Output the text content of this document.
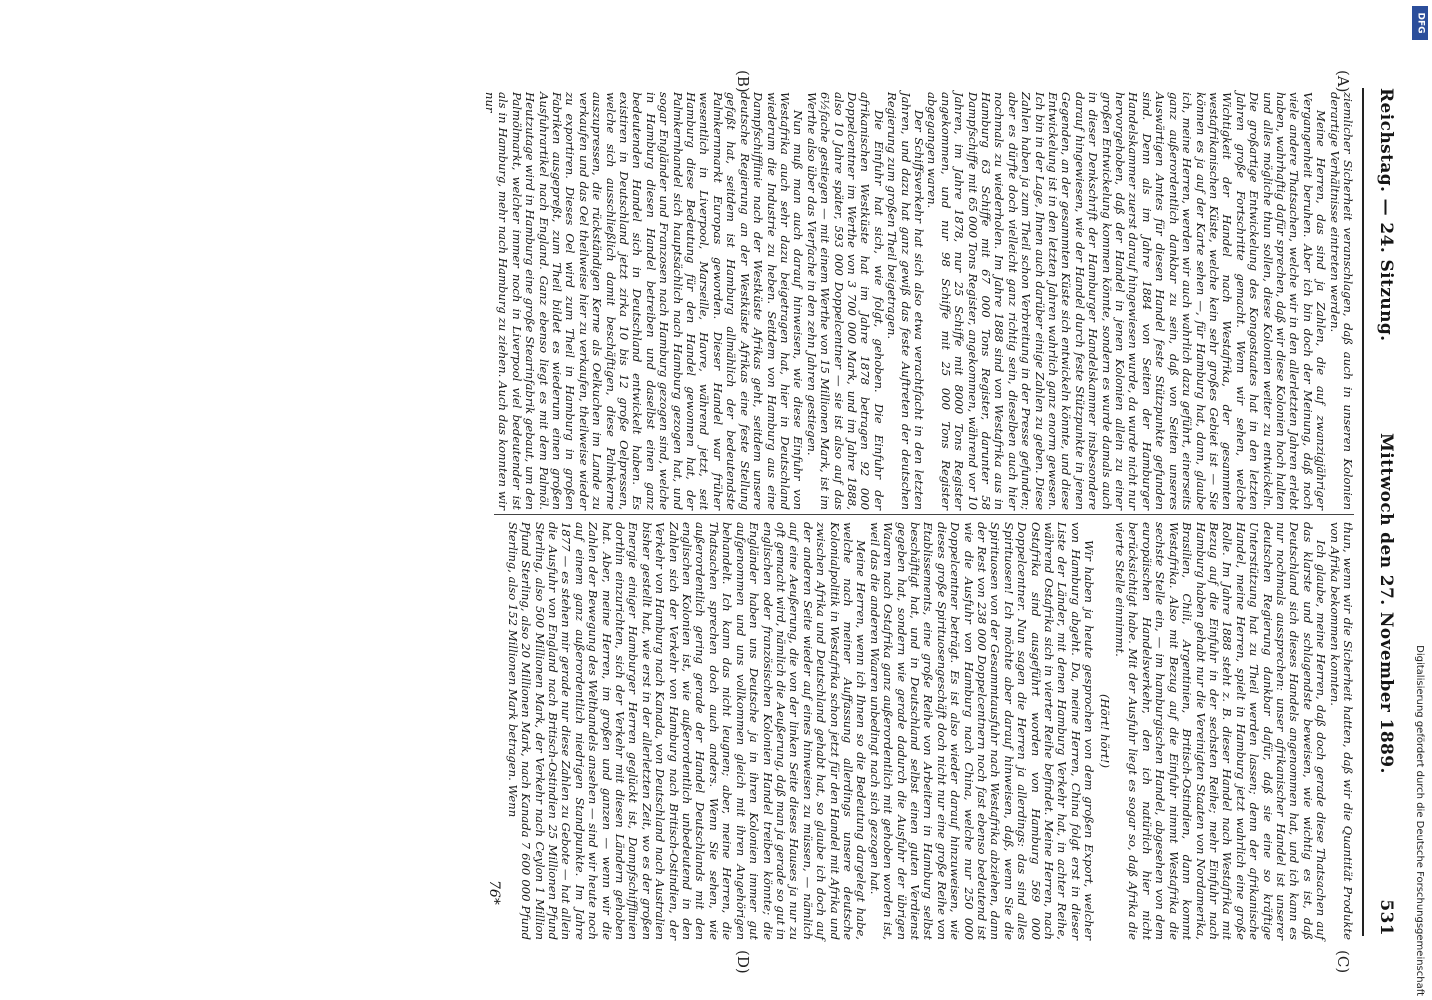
Reichstag. — 24. Sitzung.
Mittwoch den 27. November 1889.
531
(A)
(B)
(C)
(D)

ziemlicher Sicherheit veranschlagen, daß auch in unseren Kolonien derartige Verhältnisse eintreten werden.

Meine Herren, das sind ja Zahlen, die auf zwanzigjähriger Vergangenheit beruhen. Aber ich bin doch der Meinung, daß noch viele andere Thatsachen, welche wir in den allerletzten Jahren erlebt haben, wahrhaftig dafür sprechen, daß wir diese Kolonien hoch halten und alles mögliche thun sollen, diese Kolonien weiter zu entwickeln. Die großartige Entwickelung des Kongostaates hat in den letzten Jahren große Fortschritte gemacht. Wenn wir sehen, welche Wichtigkeit der Handel nach Westafrika, der gesammten westafrikanischen Küste, welche kein sehr großes Gebiet ist — Sie können es ja auf der Karte sehen —, für Hamburg hat, dann, glaube ich, meine Herren, werden wir auch wahrlich dazu geführt, einerseits ganz außerordentlich dankbar zu sein, daß von Seiten unseres Auswärtigen Amtes für diesen Handel feste Stützpunkte gefunden sind. Denn als im Jahre 1884 von Seiten der Hamburger Handelskammer zuerst darauf hingewiesen wurde, da wurde nicht nur hervorgehoben, daß der Handel in jenen Kolonien allein zu einer großen Entwickelung kommen könnte, sondern es wurde damals auch in dieser Denkschrift der Hamburger Handelskammer insbesondere darauf hingewiesen, wie der Handel durch feste Stützpunkte in jenen Gegenden, an der gesammten Küste sich entwickeln könnte, und diese Entwickelung ist in den letzten Jahren wahrlich ganz enorm gewesen. Ich bin in der Lage, Ihnen auch darüber einige Zahlen zu geben. Diese Zahlen haben ja zum Theil schon Verbreitung in der Presse gefunden; aber es dürfte doch vielleicht ganz richtig sein, dieselben auch hier nochmals zu wiederholen. Im Jahre 1888 sind von Westafrika aus in Hamburg 63 Schiffe mit 67 000 Tons Register, darunter 58 Dampfschiffe mit 65 000 Tons Register, angekommen, während vor 10 Jahren, im Jahre 1878, nur 25 Schiffe mit 8000 Tons Register angekommen, und nur 98 Schiffe mit 25 000 Tons Register abgegangen waren.

Der Schiffsverkehr hat sich also etwa verachtfacht in den letzten Jahren, und dazu hat ganz gewiß das feste Auftreten der deutschen Regierung zum großen Theil beigetragen.

Die Einfuhr hat sich, wie folgt, gehoben. Die Einfuhr der afrikanischen Westküste hat im Jahre 1878 betragen 92 000 Doppelcentner im Werthe von 3 700 000 Mark, und im Jahre 1888, also 10 Jahre später, 593 000 Doppelcentner — sie ist also auf das 6½fache gestiegen — mit einem Werthe von 15 Millionen Mark, ist im Werthe also über das Vierfache in den zehn Jahren gestiegen.

Nun muß man auch darauf hinweisen, wie diese Einfuhr von Westafrika auch sehr dazu beigetragen hat, hier in Deutschland wiederum die Industrie zu heben. Seitdem von Hamburg aus eine Dampfschifflinie nach der Westküste Afrikas geht, seitdem unsere deutsche Regierung an der Westküste Afrikas eine feste Stellung gefaßt hat, seitdem ist Hamburg allmählich der bedeutendste Palmkernmarkt Europas geworden. Dieser Handel war früher wesentlich in Liverpool, Marseille, Havre, während jetzt, seit Hamburg diese Bedeutung für den Handel gewonnen hat, der Palmkernhandel sich hauptsächlich nach Hamburg gezogen hat, und sogar Engländer und Franzosen nach Hamburg gezogen sind, welche in Hamburg diesen Handel betreiben und daselbst einen ganz bedeutenden Handel sich in Deutschland entwickelt haben. Es existiren in Deutschland jetzt zirka 10 bis 12 große Oelpressen, welche sich ausschließlich damit beschäftigen, diese Palmkerne auszupressen, die rückständigen Kerne als Oelkuchen im Lande zu verkaufen und das Oel theilweise hier zu verkaufen, theilweise wieder zu exportiren. Dieses Oel wird zum Theil in Hamburg in großen Fabriken ausgepreßt, zum Theil bildet es wiederum einen großen Ausfuhrartikel nach England. Ganz ebenso liegt es mit dem Palmöl. Heutzutage wird in Hamburg eine große Stearinfabrik gebaut, um den Palmölmarkt, welcher immer noch in Liverpool viel bedeutender ist als in Hamburg, mehr nach Hamburg zu ziehen. Auch das konnten wir nur

thun, wenn wir die Sicherheit hatten, daß wir die Quantität Produkte von Afrika bekommen konnten.

Ich glaube, meine Herren, daß doch gerade diese Thatsachen auf das klarste und schlagendste beweisen, wie wichtig es ist, daß Deutschland sich dieses Handels angenommen hat, und ich kann es nur nochmals aussprechen: unser afrikanischer Handel ist unserer deutschen Regierung dankbar dafür, daß sie eine so kräftige Unterstützung hat zu Theil werden lassen; denn der afrikanische Handel, meine Herren, spielt in Hamburg jetzt wahrlich eine große Rolle. Im Jahre 1888 steht z. B. dieser Handel nach Westafrika mit Bezug auf die Einfuhr in der sechsten Reihe; mehr Einfuhr nach Hamburg haben gehabt nur die Vereinigten Staaten von Nordamerika, Brasilien, Chili, Argentinien, Britisch-Ostindien, dann kommt Westafrika. Also mit Bezug auf die Einfuhr nimmt Westafrika die sechste Stelle ein, — im hamburgischen Handel, abgesehen von dem europäischen Handelsverkehr, den ich natürlich hier nicht berücksichtigt habe. Mit der Ausfuhr liegt es sogar so, daß Afrika die vierte Stelle einnimmt.

(Hört! hört!)

Wir haben ja heute gesprochen von dem großen Export, welcher von Hamburg abgeht. Da, meine Herren, China folgt erst in dieser Liste der Länder, mit denen Hamburg Verkehr hat, in achter Reihe, während Ostafrika sich in vierter Reihe befindet. Meine Herren, nach Ostafrika sind ausgeführt worden von Hamburg 569 000 Doppelcentner. Nun sagen die Herren ja allerdings: das sind alles Spirituosen! Ich möchte aber darauf hinweisen, daß, wenn Sie die Spirituosen von der Gesammtausfuhr nach Westafrika abziehen, dann der Rest von 238 000 Doppelcentnern noch fast ebenso bedeutend ist wie die Ausfuhr von Hamburg nach China, welche nur 250 000 Doppelcentner beträgt. Es ist also wieder darauf hinzuweisen, wie dieses große Spirituosengeschäft doch nicht nur eine große Reihe von Etablissements, eine große Reihe von Arbeitern in Hamburg selbst beschäftigt hat, und in Deutschland selbst einen guten Verdienst gegeben hat, sondern wie gerade dadurch die Ausfuhr der übrigen Waaren nach Ostafrika ganz außerordentlich mit gehoben worden ist, weil das die anderen Waaren unbedingt nach sich gezogen hat.

Meine Herren, wenn ich Ihnen so die Bedeutung dargelegt habe, welche nach meiner Auffassung allerdings unsere deutsche Kolonialpolitik in Westafrika schon jetzt für den Handel mit Afrika und zwischen Afrika und Deutschland gehabt hat, so glaube ich doch auf der anderen Seite wieder auf eines hinweisen zu müssen, — nämlich auf eine Aeußerung, die von der linken Seite dieses Hauses ja nur zu oft gemacht wird, nämlich die Aeußerung, daß man ja gerade so gut in englischen oder französischen Kolonien Handel treiben könnte; die Engländer haben uns Deutsche ja in ihren Kolonien immer gut aufgenommen und uns vollkommen gleich mit ihren Angehörigen behandelt. Ich kann das nicht leugnen; aber, meine Herren, die Thatsachen sprechen doch auch anders. Wenn Sie sehen, wie außerordentlich gering gerade der Handel Deutschlands mit den englischen Kolonien ist, wie außerordentlich unbedeutend in den Zahlen sich der Verkehr von Hamburg nach Britisch-Ostindien, der Verkehr von Hamburg nach Kanada, von Deutschland nach Australien bisher gestellt hat, wie erst in der allerletzten Zeit, wo es der großen Energie einiger Hamburger Herren geglückt ist, Dampfschifflinien dorthin einzurichten, sich der Verkehr mit diesen Ländern gehoben hat. Aber, meine Herren, im großen und ganzen — wenn wir die Zahlen der Bewegung des Welthandels ansehen — sind wir heute noch auf einem ganz außerordentlich niedrigen Standpunkte. Im Jahre 1877 — es stehen mir gerade nur diese Zahlen zu Gebote — hat allein die Ausfuhr von England nach Britisch-Ostindien 25 Millionen Pfund Sterling, also 500 Millionen Mark, der Verkehr nach Ceylon 1 Million Pfund Sterling, also 20 Millionen Mark, nach Kanada 7 600 000 Pfund Sterling, also 152 Millionen Mark betragen. Wenn

76*	Digitalisierung gefördert durch die Deutsche Forschungsgemeinschaft
DFG
